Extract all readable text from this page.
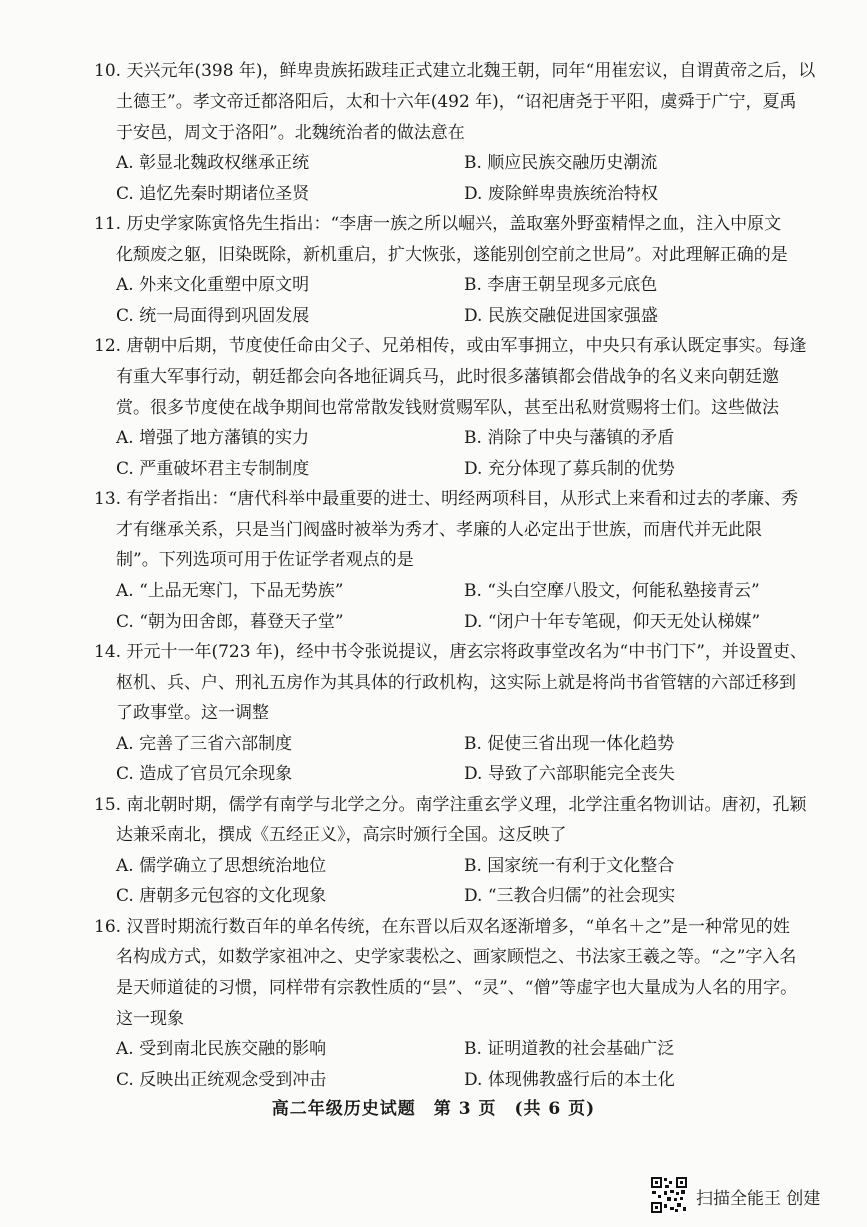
10. 天兴元年(398 年)，鲜卑贵族拓跋珪正式建立北魏王朝，同年“用崔宏议，自谓黄帝之后，以
土德王”。孝文帝迁都洛阳后，太和十六年(492 年)，“诏祀唐尧于平阳，虞舜于广宁，夏禹
于安邑，周文于洛阳”。北魏统治者的做法意在
A. 彰显北魏政权继承正统	B. 顺应民族交融历史潮流
C. 追忆先秦时期诸位圣贤	D. 废除鲜卑贵族统治特权
11. 历史学家陈寅恪先生指出：“李唐一族之所以崛兴，盖取塞外野蛮精悍之血，注入中原文
化颓废之躯，旧染既除，新机重启，扩大恢张，遂能别创空前之世局”。对此理解正确的是
A. 外来文化重塑中原文明	B. 李唐王朝呈现多元底色
C. 统一局面得到巩固发展	D. 民族交融促进国家强盛
12. 唐朝中后期，节度使任命由父子、兄弟相传，或由军事拥立，中央只有承认既定事实。每逢
有重大军事行动，朝廷都会向各地征调兵马，此时很多藩镇都会借战争的名义来向朝廷邀
赏。很多节度使在战争期间也常常散发钱财赏赐军队，甚至出私财赏赐将士们。这些做法
A. 增强了地方藩镇的实力	B. 消除了中央与藩镇的矛盾
C. 严重破坏君主专制制度	D. 充分体现了募兵制的优势
13. 有学者指出：“唐代科举中最重要的进士、明经两项科目，从形式上来看和过去的孝廉、秀
才有继承关系，只是当门阀盛时被举为秀才、孝廉的人必定出于世族，而唐代并无此限
制”。下列选项可用于佐证学者观点的是
A. “上品无寒门，下品无势族”	B. “头白空摩八股文，何能私塾接青云”
C. “朝为田舍郎，暮登天子堂”	D. “闭户十年专笔砚，仰天无处认梯媒”
14. 开元十一年(723 年)，经中书令张说提议，唐玄宗将政事堂改名为“中书门下”，并设置吏、
枢机、兵、户、刑礼五房作为其具体的行政机构，这实际上就是将尚书省管辖的六部迁移到
了政事堂。这一调整
A. 完善了三省六部制度	B. 促使三省出现一体化趋势
C. 造成了官员冗余现象	D. 导致了六部职能完全丧失
15. 南北朝时期，儒学有南学与北学之分。南学注重玄学义理，北学注重名物训诂。唐初，孔颖
达兼采南北，撰成《五经正义》，高宗时颁行全国。这反映了
A. 儒学确立了思想统治地位	B. 国家统一有利于文化整合
C. 唐朝多元包容的文化现象	D. “三教合归儒”的社会现实
16. 汉晋时期流行数百年的单名传统，在东晋以后双名逐渐增多，“单名＋之”是一种常见的姓
名构成方式，如数学家祖冲之、史学家裴松之、画家顾恺之、书法家王羲之等。“之”字入名
是天师道徒的习惯，同样带有宗教性质的“昙”、“灵”、“僧”等虚字也大量成为人名的用字。
这一现象
A. 受到南北民族交融的影响	B. 证明道教的社会基础广泛
C. 反映出正统观念受到冲击	D. 体现佛教盛行后的本土化
高二年级历史试题　第 3 页　(共 6 页)
扫描全能王 创建
